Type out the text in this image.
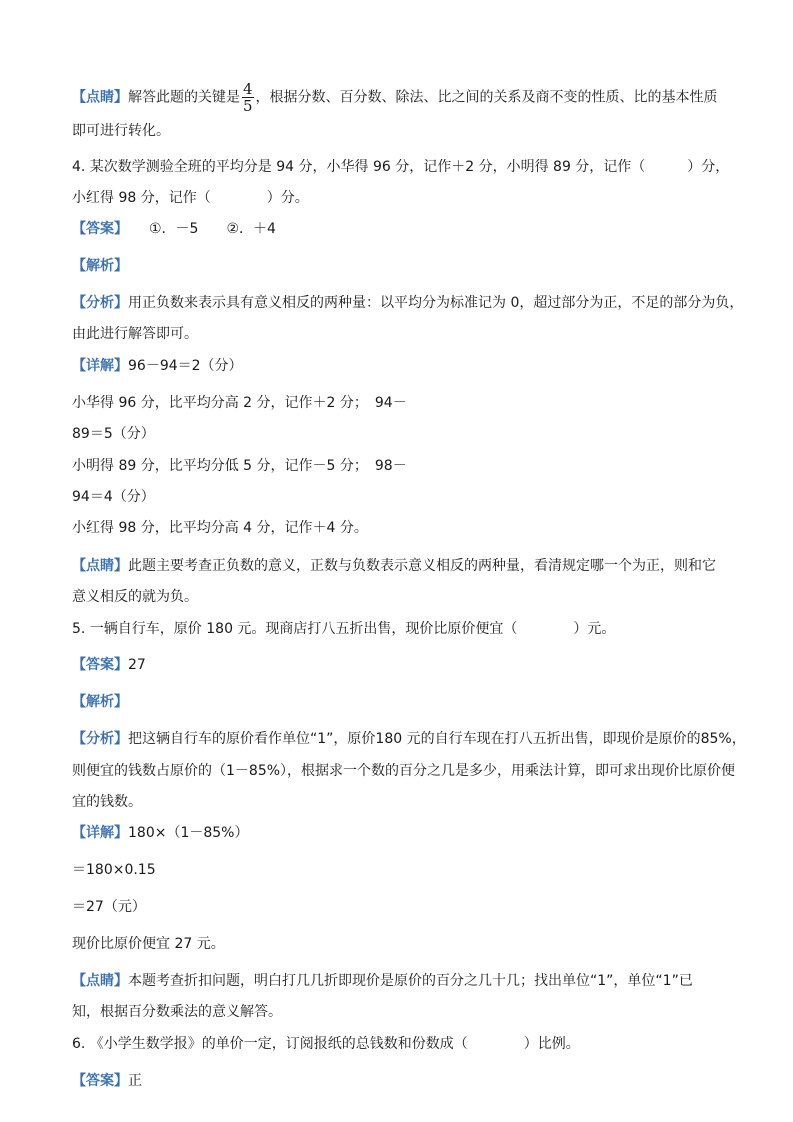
【点睛】解答此题的关键是 $\frac{4}{5}$ ，根据分数、百分数、除法、比之间的关系及商不变的性质、比的基本性质
即可进行转化。
4. 某次数学测验全班的平均分是 94 分，小华得 96 分，记作＋2 分，小明得 89 分，记作（　　　）分，
小红得 98 分，记作（　　　　）分。
【答案】　　①．－5　　②．＋4
【解析】
【分析】用正负数来表示具有意义相反的两种量：以平均分为标准记为 0，超过部分为正，不足的部分为负，
由此进行解答即可。
【详解】96－94＝2（分）
小华得 96 分，比平均分高 2 分，记作＋2 分；　94－
89＝5（分）
小明得 89 分，比平均分低 5 分，记作－5 分；　98－
94＝4（分）
小红得 98 分，比平均分高 4 分，记作＋4 分。
【点睛】此题主要考查正负数的意义，正数与负数表示意义相反的两种量，看清规定哪一个为正，则和它
意义相反的就为负。
5. 一辆自行车，原价 180 元。现商店打八五折出售，现价比原价便宜（　　　　）元。
【答案】27
【解析】
【分析】把这辆自行车的原价看作单位“1”，原价180 元的自行车现在打八五折出售，即现价是原价的85%，
则便宜的钱数占原价的（1－85%），根据求一个数的百分之几是多少，用乘法计算，即可求出现价比原价便
宜的钱数。
【详解】180×（1－85%）
＝180×0.15
＝27（元）
现价比原价便宜 27 元。
【点睛】本题考查折扣问题，明白打几几折即现价是原价的百分之几十几；找出单位“1”，单位“1”已
知，根据百分数乘法的意义解答。
6. 《小学生数学报》的单价一定，订阅报纸的总钱数和份数成（　　　　）比例。
【答案】正
